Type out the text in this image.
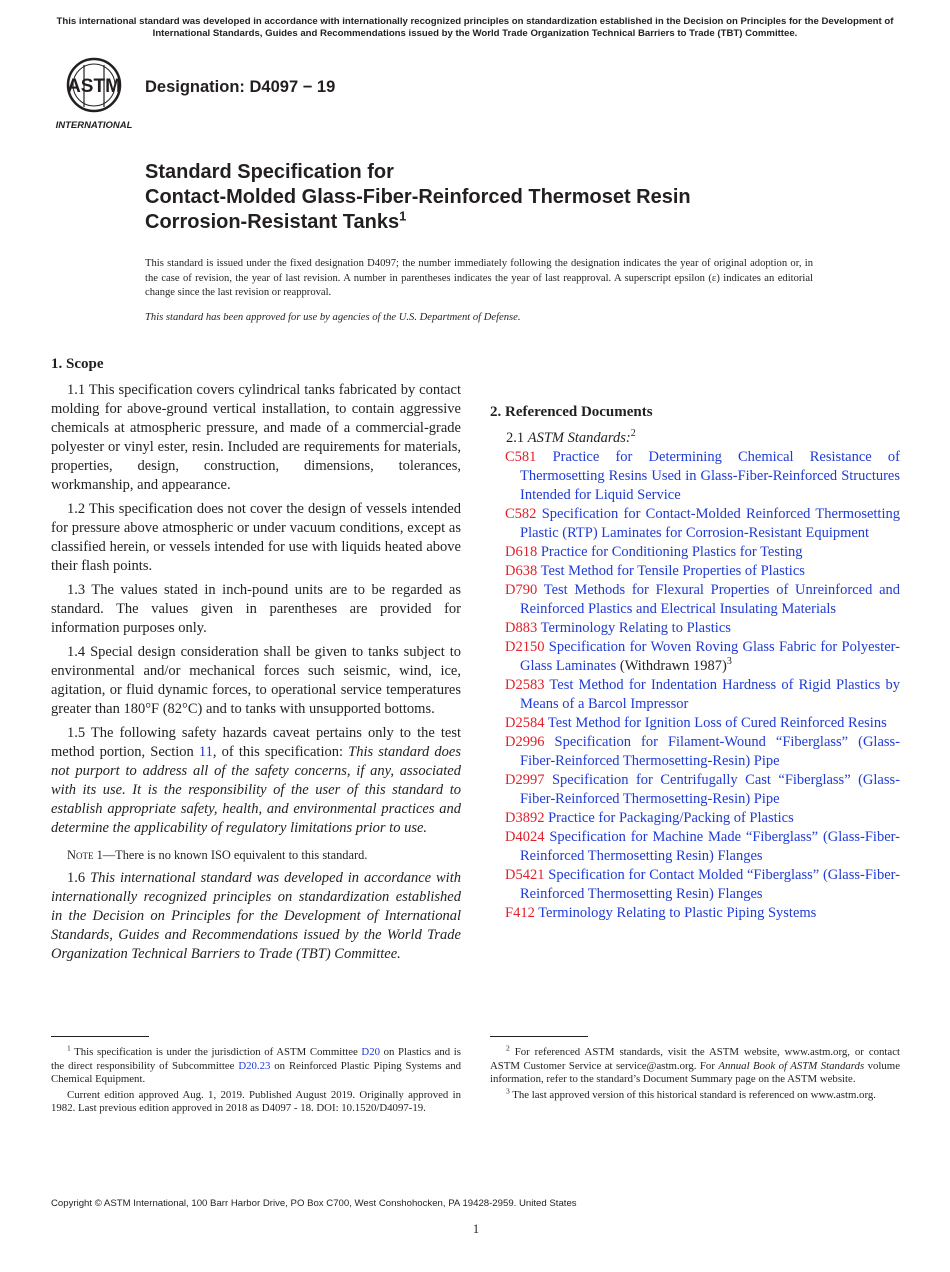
This international standard was developed in accordance with internationally recognized principles on standardization established in the Decision on Principles for the Development of International Standards, Guides and Recommendations issued by the World Trade Organization Technical Barriers to Trade (TBT) Committee.
ASTM
INTERNATIONAL
Designation: D4097 − 19
Standard Specification for
Contact-Molded Glass-Fiber-Reinforced Thermoset Resin
Corrosion-Resistant Tanks$^1$
This standard is issued under the fixed designation D4097; the number immediately following the designation indicates the year of original adoption or, in the case of revision, the year of last revision. A number in parentheses indicates the year of last reapproval. A superscript epsilon (ε) indicates an editorial change since the last revision or reapproval.
This standard has been approved for use by agencies of the U.S. Department of Defense.
1. Scope

1.1 This specification covers cylindrical tanks fabricated by contact molding for above-ground vertical installation, to contain aggressive chemicals at atmospheric pressure, and made of a commercial-grade polyester or vinyl ester, resin. Included are requirements for materials, properties, design, construction, dimensions, tolerances, workmanship, and appearance.

1.2 This specification does not cover the design of vessels intended for pressure above atmospheric or under vacuum conditions, except as classified herein, or vessels intended for use with liquids heated above their flash points.

1.3 The values stated in inch-pound units are to be regarded as standard. The values given in parentheses are provided for information purposes only.

1.4 Special design consideration shall be given to tanks subject to environmental and/or mechanical forces such seismic, wind, ice, agitation, or fluid dynamic forces, to operational service temperatures greater than 180°F (82°C) and to tanks with unsupported bottoms.

1.5 The following safety hazards caveat pertains only to the test method portion, Section 11, of this specification: This standard does not purport to address all of the safety concerns, if any, associated with its use. It is the responsibility of the user of this standard to establish appropriate safety, health, and environmental practices and determine the applicability of regulatory limitations prior to use.

Note 1—There is no known ISO equivalent to this standard.

1.6 This international standard was developed in accordance with internationally recognized principles on standardization established in the Decision on Principles for the Development of International Standards, Guides and Recommendations issued by the World Trade Organization Technical Barriers to Trade (TBT) Committee.

2. Referenced Documents

2.1 ASTM Standards:$^2$

C581 Practice for Determining Chemical Resistance of Thermosetting Resins Used in Glass-Fiber-Reinforced Structures Intended for Liquid Service

C582 Specification for Contact-Molded Reinforced Thermosetting Plastic (RTP) Laminates for Corrosion-Resistant Equipment

D618 Practice for Conditioning Plastics for Testing

D638 Test Method for Tensile Properties of Plastics

D790 Test Methods for Flexural Properties of Unreinforced and Reinforced Plastics and Electrical Insulating Materials

D883 Terminology Relating to Plastics

D2150 Specification for Woven Roving Glass Fabric for Polyester-Glass Laminates (Withdrawn 1987)$^3$

D2583 Test Method for Indentation Hardness of Rigid Plastics by Means of a Barcol Impressor

D2584 Test Method for Ignition Loss of Cured Reinforced Resins

D2996 Specification for Filament-Wound “Fiberglass” (Glass-Fiber-Reinforced Thermosetting-Resin) Pipe

D2997 Specification for Centrifugally Cast “Fiberglass” (Glass-Fiber-Reinforced Thermosetting-Resin) Pipe

D3892 Practice for Packaging/Packing of Plastics

D4024 Specification for Machine Made “Fiberglass” (Glass-Fiber-Reinforced Thermosetting Resin) Flanges

D5421 Specification for Contact Molded “Fiberglass” (Glass-Fiber-Reinforced Thermosetting Resin) Flanges

F412 Terminology Relating to Plastic Piping Systems

$^1$ This specification is under the jurisdiction of ASTM Committee D20 on Plastics and is the direct responsibility of Subcommittee D20.23 on Reinforced Plastic Piping Systems and Chemical Equipment.

Current edition approved Aug. 1, 2019. Published August 2019. Originally approved in 1982. Last previous edition approved in 2018 as D4097 - 18. DOI: 10.1520/D4097-19.

$^2$ For referenced ASTM standards, visit the ASTM website, www.astm.org, or contact ASTM Customer Service at service@astm.org. For Annual Book of ASTM Standards volume information, refer to the standard’s Document Summary page on the ASTM website.

$^3$ The last approved version of this historical standard is referenced on www.astm.org.

Copyright © ASTM International, 100 Barr Harbor Drive, PO Box C700, West Conshohocken, PA 19428-2959. United States
1
